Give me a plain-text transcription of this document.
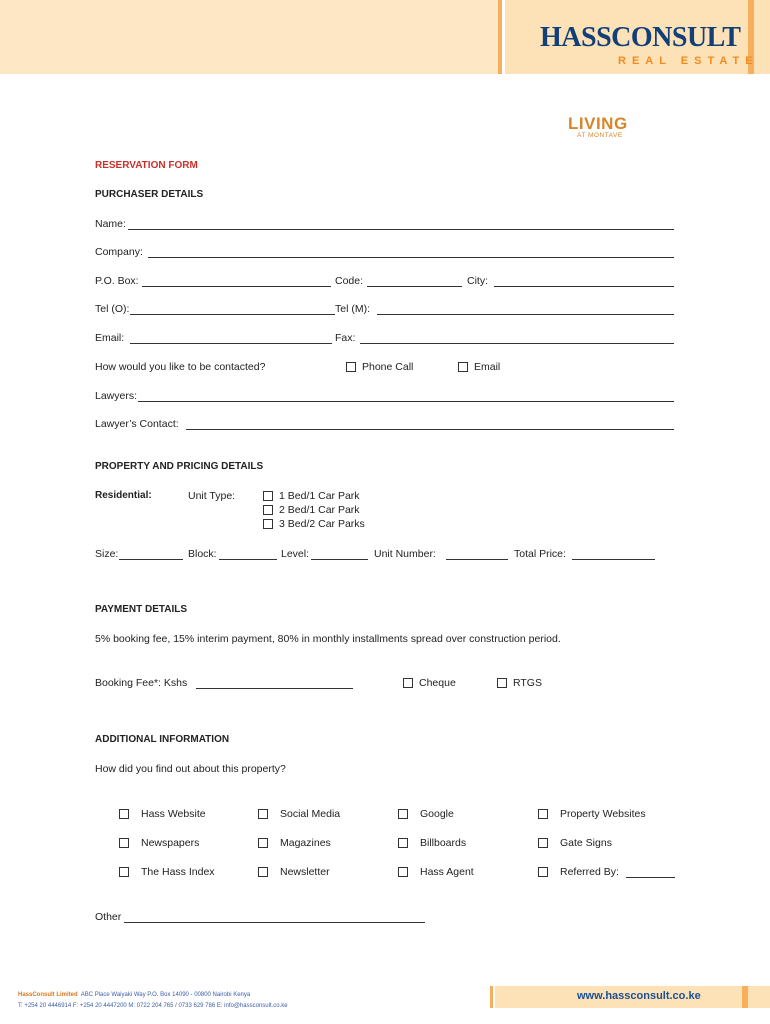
HASSCONSULT
REAL ESTATE
LIVING
AT MONTAVE
RESERVATION FORM
PURCHASER DETAILS
Name:
Company:
P.O. Box:	Code:	City:
Tel (O):	Tel (M):
Email:	Fax:
How would you like to be contacted?	Phone Call	Email
Lawyers:
Lawyer’s Contact:
PROPERTY AND PRICING DETAILS
Residential:	Unit Type:	1 Bed/1 Car Park
2 Bed/1 Car Park
3 Bed/2 Car Parks
Size:	Block:	Level:	Unit Number:	Total Price:
PAYMENT DETAILS
5% booking fee, 15% interim payment, 80% in monthly installments spread over construction period.
Booking Fee*: Kshs	Cheque	RTGS
ADDITIONAL INFORMATION
How did you find out about this property?
Hass Website	Social Media	Google	Property Websites
Newspapers	Magazines	Billboards	Gate Signs
The Hass Index	Newsletter	Hass Agent	Referred By:
Other
HassConsult Limited ABC Place Waiyaki Way P.O. Box 14090 - 00800 Nairobi Kenya
T: +254 20 4446914 F: +254 20 4447200 M: 0722 204 765 / 0733 629 786 E: info@hassconsult.co.ke
www.hassconsult.co.ke
